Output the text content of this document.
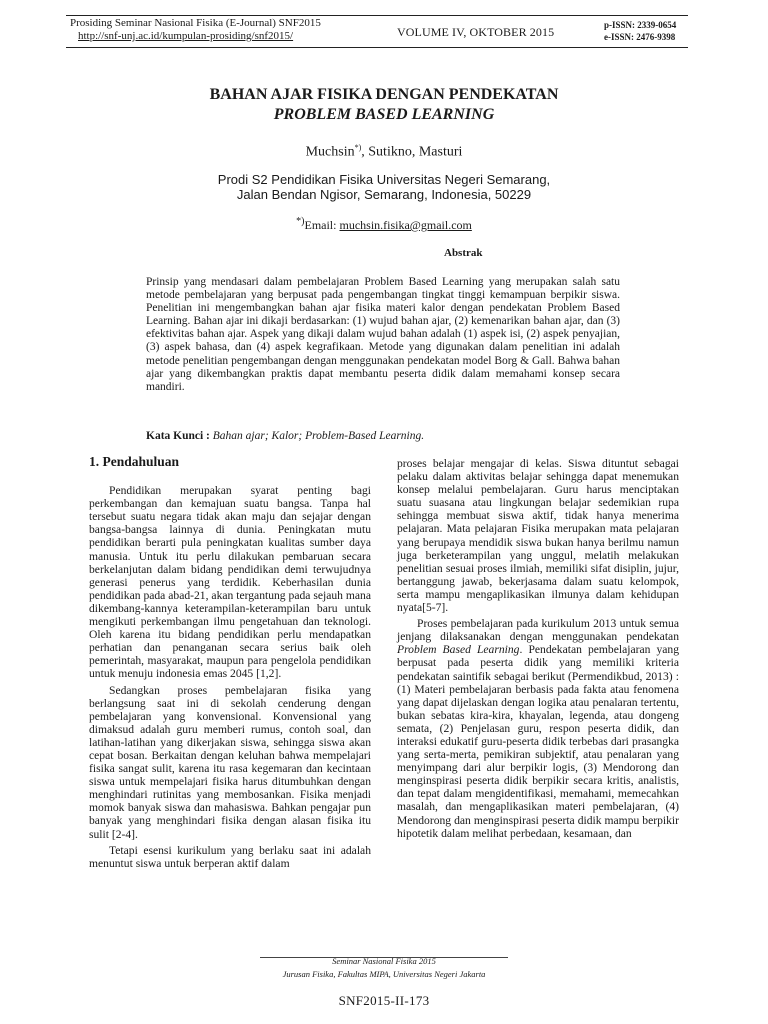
Prosiding Seminar Nasional Fisika (E-Journal) SNF2015
http://snf-unj.ac.id/kumpulan-prosiding/snf2015/	VOLUME IV, OKTOBER 2015	p-ISSN: 2339-0654
e-ISSN: 2476-9398
BAHAN AJAR FISIKA DENGAN PENDEKATAN
PROBLEM BASED LEARNING
Muchsin*), Sutikno, Masturi
Prodi S2 Pendidikan Fisika Universitas Negeri Semarang,
Jalan Bendan Ngisor, Semarang, Indonesia, 50229
*)Email: muchsin.fisika@gmail.com
Abstrak
Prinsip yang mendasari dalam pembelajaran Problem Based Learning yang merupakan salah satu metode pembelajaran yang berpusat pada pengembangan tingkat tinggi kemampuan berpikir siswa. Penelitian ini mengembangkan bahan ajar fisika materi kalor dengan pendekatan Problem Based Learning. Bahan ajar ini dikaji berdasarkan: (1) wujud bahan ajar, (2) kemenarikan bahan ajar, dan (3) efektivitas bahan ajar. Aspek yang dikaji dalam wujud bahan adalah (1) aspek isi, (2) aspek penyajian, (3) aspek bahasa, dan (4) aspek kegrafikaan. Metode yang digunakan dalam penelitian ini adalah metode penelitian pengembangan dengan menggunakan pendekatan model Borg & Gall. Bahwa bahan ajar yang dikembangkan praktis dapat membantu peserta didik dalam memahami konsep secara mandiri.
Kata Kunci : Bahan ajar; Kalor; Problem-Based Learning.
1. Pendahuluan

Pendidikan merupakan syarat penting bagi perkembangan dan kemajuan suatu bangsa. Tanpa hal tersebut suatu negara tidak akan maju dan sejajar dengan bangsa-bangsa lainnya di dunia. Peningkatan mutu pendidikan berarti pula peningkatan kualitas sumber daya manusia. Untuk itu perlu dilakukan pembaruan secara berkelanjutan dalam bidang pendidikan demi terwujudnya generasi penerus yang terdidik. Keberhasilan dunia pendidikan pada abad-21, akan tergantung pada sejauh mana dikembang-kannya keterampilan-keterampilan baru untuk mengikuti perkembangan ilmu pengetahuan dan teknologi. Oleh karena itu bidang pendidikan perlu mendapatkan perhatian dan penanganan secara serius baik oleh pemerintah, masyarakat, maupun para pengelola pendidikan untuk menuju indonesia emas 2045 [1,2].

Sedangkan proses pembelajaran fisika yang berlangsung saat ini di sekolah cenderung dengan pembelajaran yang konvensional. Konvensional yang dimaksud adalah guru memberi rumus, contoh soal, dan latihan-latihan yang dikerjakan siswa, sehingga siswa akan cepat bosan. Berkaitan dengan keluhan bahwa mempelajari fisika sangat sulit, karena itu rasa kegemaran dan kecintaan siswa untuk mempelajari fisika harus ditumbuhkan dengan menghindari rutinitas yang membosankan. Fisika menjadi momok banyak siswa dan mahasiswa. Bahkan pengajar pun banyak yang menghindari fisika dengan alasan fisika itu sulit [2-4].

Tetapi esensi kurikulum yang berlaku saat ini adalah menuntut siswa untuk berperan aktif dalam

proses belajar mengajar di kelas. Siswa dituntut sebagai pelaku dalam aktivitas belajar sehingga dapat menemukan konsep melalui pembelajaran. Guru harus menciptakan suatu suasana atau lingkungan belajar sedemikian rupa sehingga membuat siswa aktif, tidak hanya menerima pelajaran. Mata pelajaran Fisika merupakan mata pelajaran yang berupaya mendidik siswa bukan hanya berilmu namun juga berketerampilan yang unggul, melatih melakukan penelitian sesuai proses ilmiah, memiliki sifat disiplin, jujur, bertanggung jawab, bekerjasama dalam suatu kelompok, serta mampu mengaplikasikan ilmunya dalam kehidupan nyata[5-7].

Proses pembelajaran pada kurikulum 2013 untuk semua jenjang dilaksanakan dengan menggunakan pendekatan Problem Based Learning. Pendekatan pembelajaran yang berpusat pada peserta didik yang memiliki kriteria pendekatan saintifik sebagai berikut (Permendikbud, 2013) : (1) Materi pembelajaran berbasis pada fakta atau fenomena yang dapat dijelaskan dengan logika atau penalaran tertentu, bukan sebatas kira-kira, khayalan, legenda, atau dongeng semata, (2) Penjelasan guru, respon peserta didik, dan interaksi edukatif guru-peserta didik terbebas dari prasangka yang serta-merta, pemikiran subjektif, atau penalaran yang menyimpang dari alur berpikir logis, (3) Mendorong dan menginspirasi peserta didik berpikir secara kritis, analistis, dan tepat dalam mengidentifikasi, memahami, memecahkan masalah, dan mengaplikasikan materi pembelajaran, (4) Mendorong dan menginspirasi peserta didik mampu berpikir hipotetik dalam melihat perbedaan, kesamaan, dan

Seminar Nasional Fisika 2015
Jurusan Fisika, Fakultas MIPA, Universitas Negeri Jakarta
SNF2015-II-173
